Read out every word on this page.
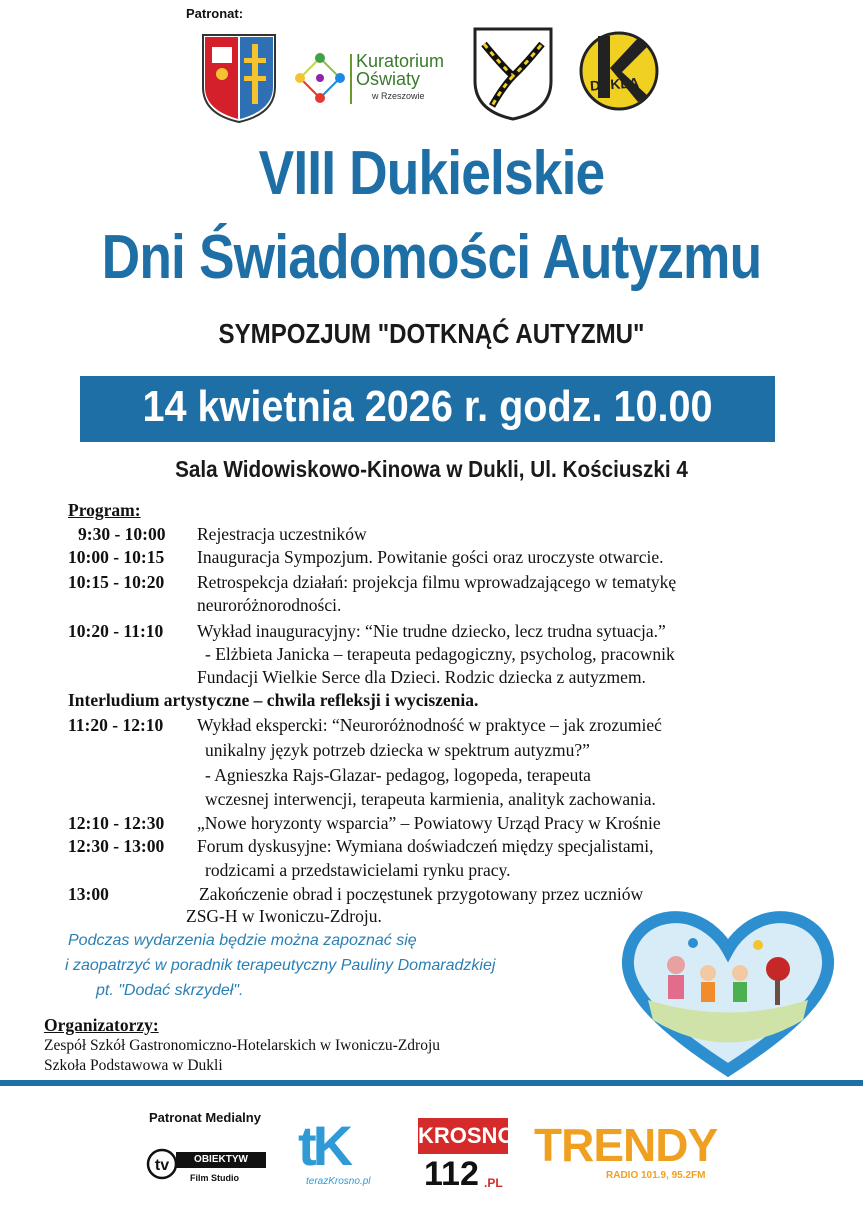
Patronat:
Kuratorium
Oświaty
w Rzeszowie
DUKLA
VIII Dukielskie
Dni Świadomości Autyzmu
SYMPOZJUM "DOTKNĄĆ AUTYZMU"
14 kwietnia 2026 r. godz. 10.00
Sala Widowiskowo-Kinowa w Dukli, Ul. Kościuszki 4
Program:
9:30 - 10:00 Rejestracja uczestników
10:00 - 10:15 Inauguracja Sympozjum. Powitanie gości oraz uroczyste otwarcie.
10:15 - 10:20 Retrospekcja działań: projekcja filmu wprowadzającego w tematykę
neuroróżnorodności.
10:20 - 11:10 Wykład inauguracyjny: “Nie trudne dziecko, lecz trudna sytuacja.”
- Elżbieta Janicka – terapeuta pedagogiczny, psycholog, pracownik
Fundacji Wielkie Serce dla Dzieci. Rodzic dziecka z autyzmem.
Interludium artystyczne – chwila refleksji i wyciszenia.
11:20 - 12:10 Wykład ekspercki: “Neuroróżnodność w praktyce – jak zrozumieć
unikalny język potrzeb dziecka w spektrum autyzmu?”
- Agnieszka Rajs-Glazar- pedagog, logopeda, terapeuta
wczesnej interwencji, terapeuta karmienia, analityk zachowania.
12:10 - 12:30 „Nowe horyzonty wsparcia” – Powiatowy Urząd Pracy w Krośnie
12:30 - 13:00 Forum dyskusyjne: Wymiana doświadczeń między specjalistami,
rodzicami a przedstawicielami rynku pracy.
13:00	Zakończenie obrad i poczęstunek przygotowany przez uczniów
ZSG-H w Iwoniczu-Zdroju.
Podczas wydarzenia będzie można zapoznać się
i zaopatrzyć w poradnik terapeutyczny Pauliny Domaradzkiej
pt. "Dodać skrzydeł".
Organizatorzy:
Zespół Szkół Gastronomiczno-Hotelarskich w Iwoniczu-Zdroju
Szkoła Podstawowa w Dukli
Patronat Medialny
tv	OBIEKTYW
Film Studio
tK
terazKrosno.pl
KROSNO
112 .PL
TRENDY
RADIO 101.9, 95.2FM
